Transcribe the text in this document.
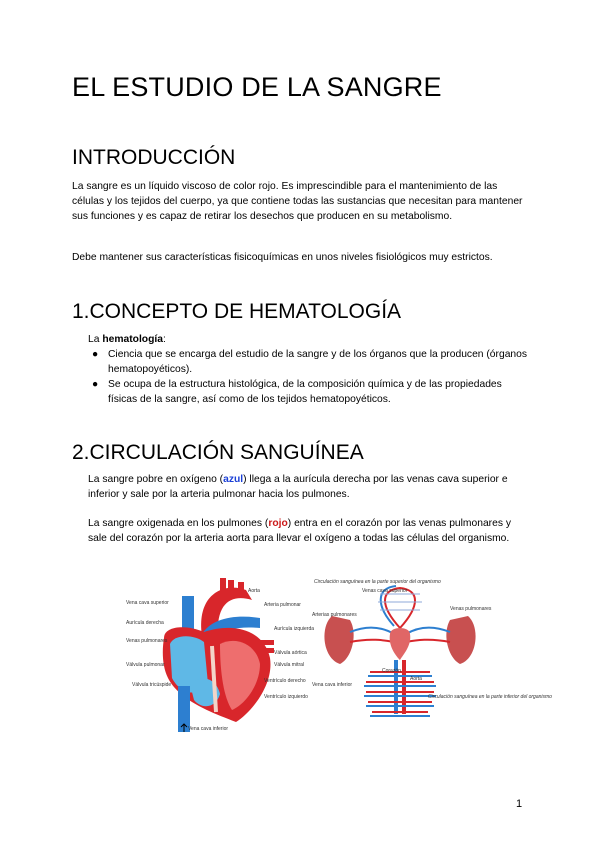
EL ESTUDIO DE LA SANGRE
INTRODUCCIÓN
La sangre es un líquido viscoso de color rojo. Es imprescindible para el mantenimiento de las células y los tejidos del cuerpo, ya que contiene todas las sustancias que necesitan para mantener sus funciones y es capaz de retirar los desechos que producen en su metabolismo.
Debe mantener sus características fisicoquímicas en unos niveles fisiológicos muy estrictos.
1.CONCEPTO DE HEMATOLOGÍA
La hematología:
● Ciencia que se encarga del estudio de la sangre y de los órganos que la producen (órganos hematopoyéticos).
● Se ocupa de la estructura histológica, de la composición química y de las propiedades físicas de la sangre, así como de los tejidos hematopoyéticos.
2.CIRCULACIÓN SANGUÍNEA
La sangre pobre en oxígeno (azul) llega a la aurícula derecha por las venas cava superior e inferior y sale por la arteria pulmonar hacia los pulmones.
La sangre oxigenada en los pulmones (rojo) entra en el corazón por las venas pulmonares y sale del corazón por la arteria aorta para llevar el oxígeno a todas las células del organismo.
Aorta
Vena cava superior	Arteria pulmonar
Aurícula derecha
Aurícula izquierda
Venas pulmonares
Válvula aórtica
Válvula mitral
Válvula pulmonar
Válvula tricúspide
Ventrículo derecho
Ventrículo izquierdo
Vena cava inferior
Circulación sanguínea en la parte superior del organismo
Venas cava superior
Arterias pulmonares
Venas pulmonares
Corazón
Aorta
Vena cava inferior
Circulación sanguínea en la parte inferior del organismo
1
